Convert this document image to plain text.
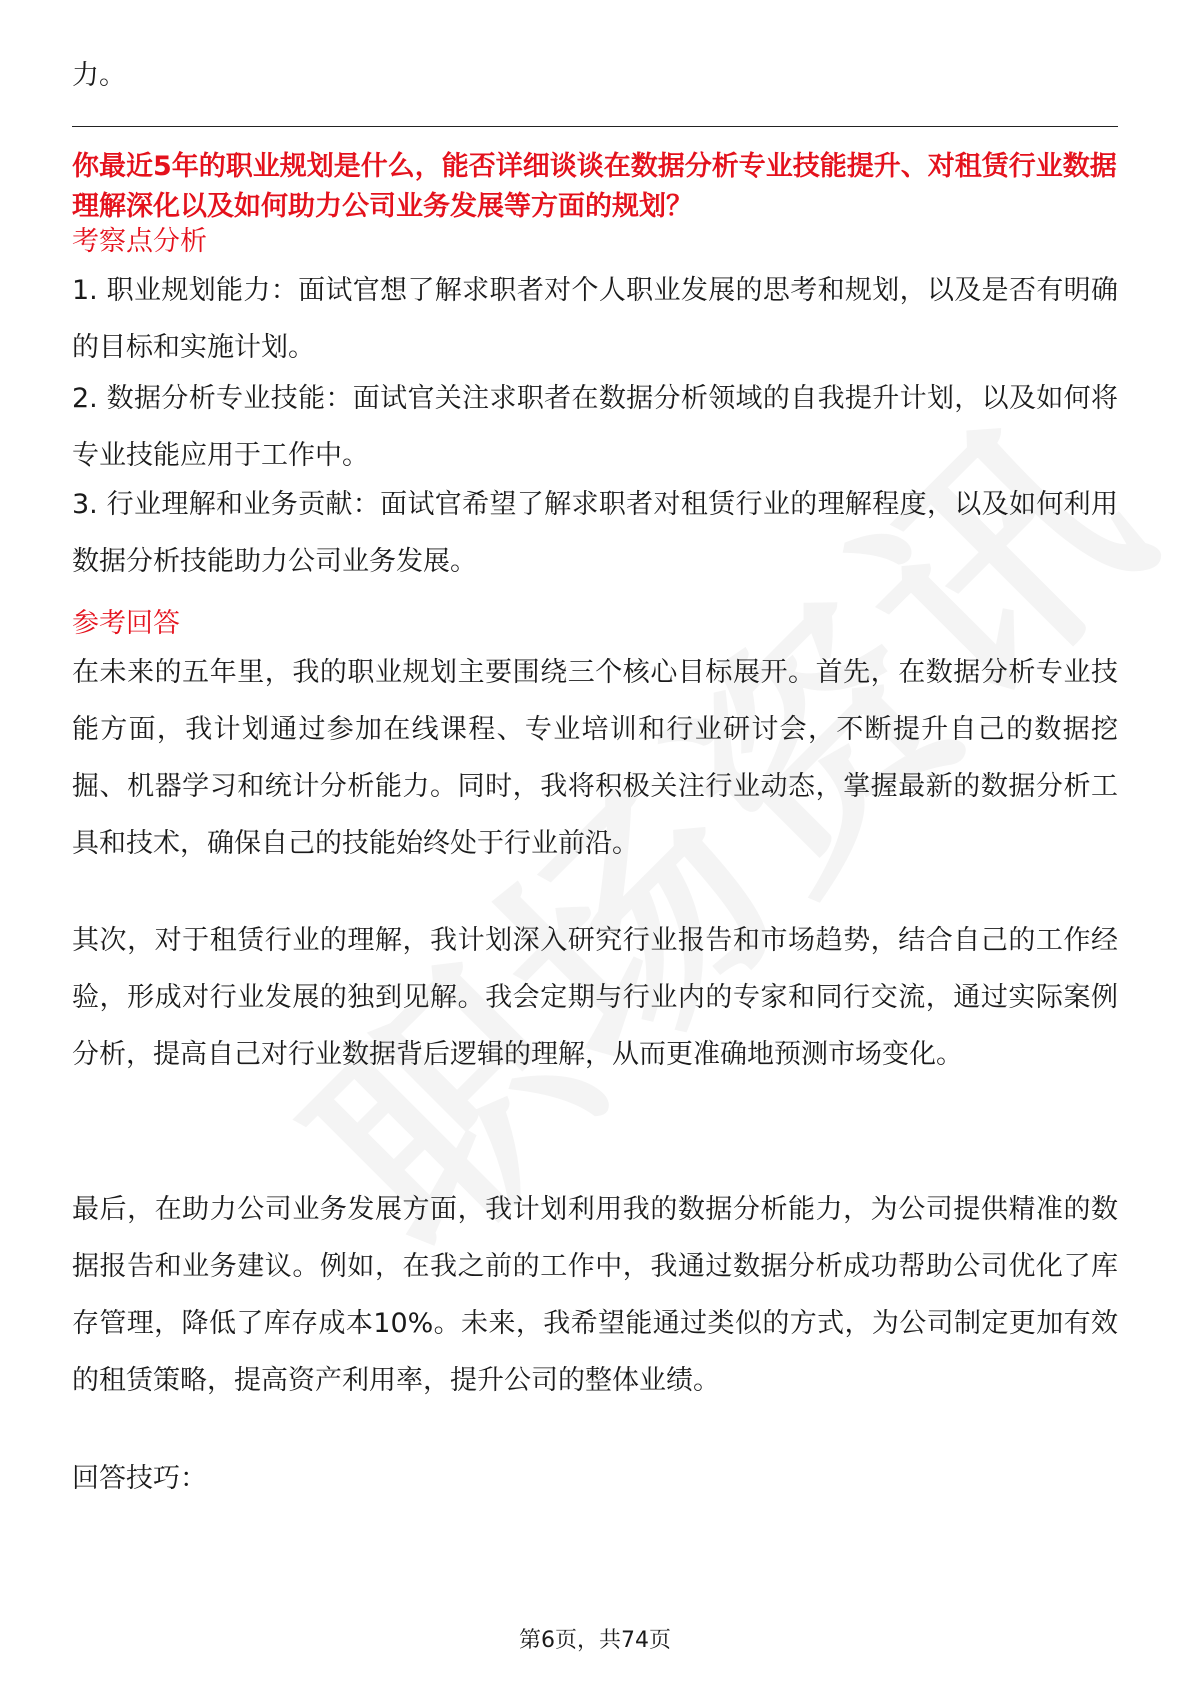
力。
你最近5年的职业规划是什么，能否详细谈谈在数据分析专业技能提升、对租赁行业数据理解深化以及如何助力公司业务发展等方面的规划？
考察点分析
1. 职业规划能力：面试官想了解求职者对个人职业发展的思考和规划，以及是否有明确的目标和实施计划。
2. 数据分析专业技能：面试官关注求职者在数据分析领域的自我提升计划，以及如何将专业技能应用于工作中。
3. 行业理解和业务贡献：面试官希望了解求职者对租赁行业的理解程度，以及如何利用数据分析技能助力公司业务发展。
参考回答
在未来的五年里，我的职业规划主要围绕三个核心目标展开。首先，在数据分析专业技能方面，我计划通过参加在线课程、专业培训和行业研讨会，不断提升自己的数据挖掘、机器学习和统计分析能力。同时，我将积极关注行业动态，掌握最新的数据分析工具和技术，确保自己的技能始终处于行业前沿。
其次，对于租赁行业的理解，我计划深入研究行业报告和市场趋势，结合自己的工作经验，形成对行业发展的独到见解。我会定期与行业内的专家和同行交流，通过实际案例分析，提高自己对行业数据背后逻辑的理解，从而更准确地预测市场变化。
最后，在助力公司业务发展方面，我计划利用我的数据分析能力，为公司提供精准的数据报告和业务建议。例如，在我之前的工作中，我通过数据分析成功帮助公司优化了库存管理，降低了库存成本10%。未来，我希望能通过类似的方式，为公司制定更加有效的租赁策略，提高资产利用率，提升公司的整体业绩。
回答技巧：
第6页，共74页
